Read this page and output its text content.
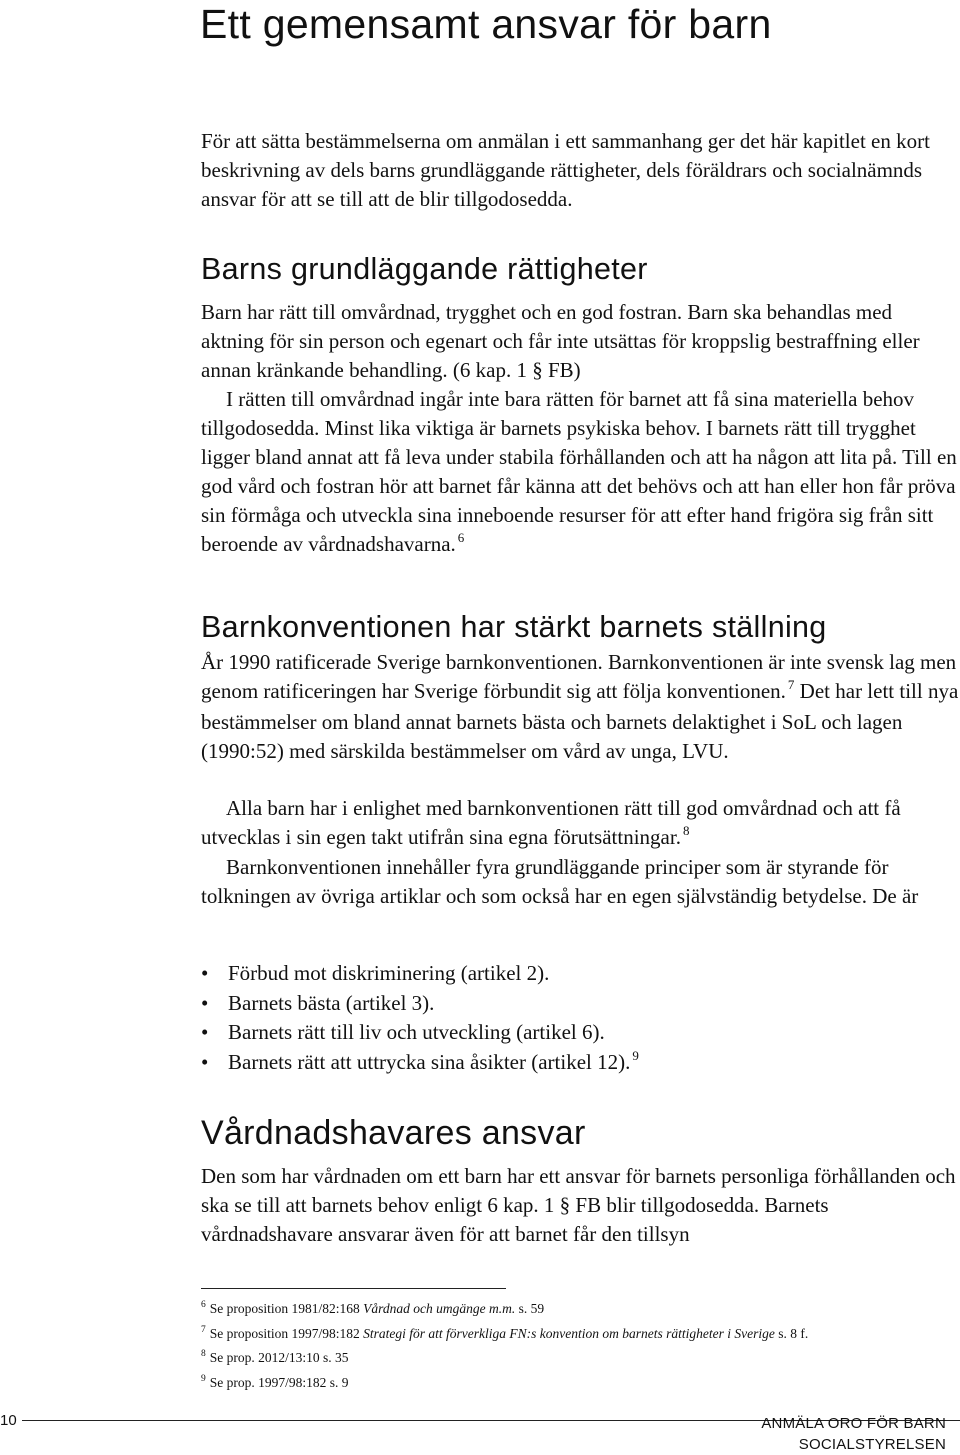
Ett gemensamt ansvar för barn

För att sätta bestämmelserna om anmälan i ett sammanhang ger det här kapitlet en kort beskrivning av dels barns grundläggande rättigheter, dels föräldrars och socialnämnds ansvar för att se till att de blir tillgodosedda.

Barns grundläggande rättigheter

Barn har rätt till omvårdnad, trygghet och en god fostran. Barn ska behandlas med aktning för sin person och egenart och får inte utsättas för kroppslig bestraffning eller annan kränkande behandling. (6 kap. 1 § FB)

I rätten till omvårdnad ingår inte bara rätten för barnet att få sina materiella behov tillgodosedda. Minst lika viktiga är barnets psykiska behov. I barnets rätt till trygghet ligger bland annat att få leva under stabila förhållanden och att ha någon att lita på. Till en god vård och fostran hör att barnet får känna att det behövs och att han eller hon får pröva sin förmåga och utveckla sina inneboende resurser för att efter hand frigöra sig från sitt beroende av vårdnadshavarna. $^6$
Barnkonventionen har stärkt barnets ställning
År 1990 ratificerade Sverige barnkonventionen. Barnkonventionen är inte svensk lag men genom ratificeringen har Sverige förbundit sig att följa konventionen. $^7$ Det har lett till nya bestämmelser om bland annat barnets bästa och barnets delaktighet i SoL och lagen (1990:52) med särskilda bestämmelser om vård av unga, LVU.
Alla barn har i enlighet med barnkonventionen rätt till god omvårdnad och att få utvecklas i sin egen takt utifrån sina egna förutsättningar. $^8$

Barnkonventionen innehåller fyra grundläggande principer som är styrande för tolkningen av övriga artiklar och som också har en egen självständig betydelse. De är

• Förbud mot diskriminering (artikel 2).
• Barnets bästa (artikel 3).
• Barnets rätt till liv och utveckling (artikel 6).
• Barnets rätt att uttrycka sina åsikter (artikel 12). $^9$
Vårdnadshavares ansvar

Den som har vårdnaden om ett barn har ett ansvar för barnets personliga förhållanden och ska se till att barnets behov enligt 6 kap. 1 § FB blir tillgodosedda. Barnets vårdnadshavare ansvarar även för att barnet får den tillsyn

$^6$ Se proposition 1981/82:168 Vårdnad och umgänge m.m. s. 59
$^7$ Se proposition 1997/98:182 Strategi för att förverkliga FN:s konvention om barnets rättigheter i Sverige s. 8 f.
$^8$ Se prop. 2012/13:10 s. 35
$^9$ Se prop. 1997/98:182 s. 9
10	ANMÄLA ORO FÖR BARN
SOCIALSTYRELSEN
